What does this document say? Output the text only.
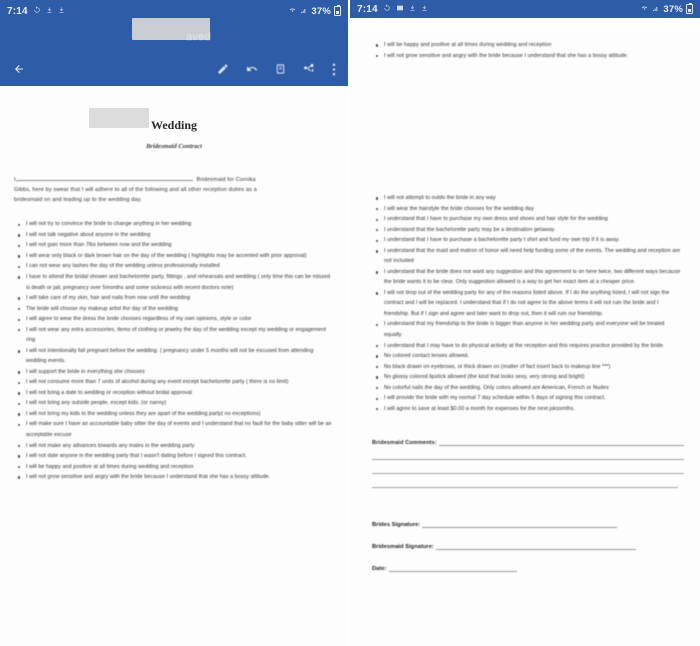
7:14	37%
aved
Wedding
Bridesmaid Contract
I,	Bridesmaid for Cornika
Gibbs, here by swear that I will adhere to all of the following and all other reception duties as a
bridesmaid on and leading up to the wedding day.
I will not try to convince the bride to change anything in her wedding
I will not talk negative about anyone in the wedding
I will not gain more than 7lbs between now and the wedding
I will wear only black or dark brown hair on the day of the wedding ( highlights may be accented with prior approval)
I can not wear any lashes the day of the wedding unless professionally installed
I have to attend the bridal shower and bachelorette party, fittings , and rehearsals and wedding ( only time this can be missed is death or jail, pregnancy over 5months and some sickness with recent doctors note)
I will take care of my skin, hair and nails from now until the wedding
The bride will choose my makeup artist the day of the wedding
I will agree to wear the dress the bride chooses regardless of my own opinions, style or color
I will not wear any extra accessories, items of clothing or jewelry the day of the wedding except my wedding or engagement ring
I will not intentionally fall pregnant before the wedding. ( pregnancy under 5 months will not be excused from attending wedding events.
I will support the bride in everything she chooses
I will not consume more than 7 units of alcohol during any event except bachelorette party ( there is no limit)
I will not bring a date to wedding or reception without bridal approval
I will not bring any outside people, except kids. (or nanny)
I will not bring my kids to the wedding unless they are apart of the wedding party( no exceptions)
I will make sure I have an accountable baby sitter the day of events and I understand that no fault for the baby sitter will be an acceptable excuse
I will not make any advances towards any males in the wedding party
I will not date anyone in the wedding party that I wasn't dating before I signed this contract.
I will be happy and positive at all times during wedding and reception
I will not grow sensitive and angry with the bride because I understand that she has a bossy attitude.
7:14	37%
I will be happy and positive at all times during wedding and reception
I will not grow sensitive and angry with the bride because I understand that she has a bossy attitude.
I will not attempt to outdo the bride in any way
I will wear the hairstyle the bride chooses for the wedding day
I understand that I have to purchase my own dress and shoes and hair style for the wedding
I understand that the bachelorette party may be a destination getaway
I understand that I have to purchase a bachelorette party t shirt and fund my own trip if it is away.
I understand that the maid and matron of honor will need help funding some of the events. The wedding and reception are not included
I understand that the bride does not want any suggestion and this agreement is on here twice, two different ways because the bride wants it to be clear. Only suggestion allowed is a way to get her exact item at a cheaper price.
I will not drop out of the wedding party for any of the reasons listed above. If I do the anything listed, I will not sign the contract and I will be replaced. I understand that if I do not agree to the above terms it will not ruin the bride and I friendship. But if I sign and agree and later want to drop out, then it will ruin our friendship.
I understand that my friendship to the bride is bigger than anyone in her wedding party and everyone will be treated equally.
I understand that I may have to do physical activity at the reception and this requires practice provided by the bride.
No colored contact lenses allowed.
No black drawn on eyebrows, or thick drawn on (matter of fact insert back to makeup line ***)
No glossy colored lipstick allowed (the kind that looks sexy, very strong and bright)
No colorful nails the day of the wedding. Only colors allowed are American, French or Nudes
I will provide the bride with my normal 7 day schedule within 5 days of signing this contract.
I will agree to save at least $0.00 a month for expenses for the next jskssmths.
Bridesmaid Comments:
Brides Signature:
Bridesmaid Signature:
Date:
